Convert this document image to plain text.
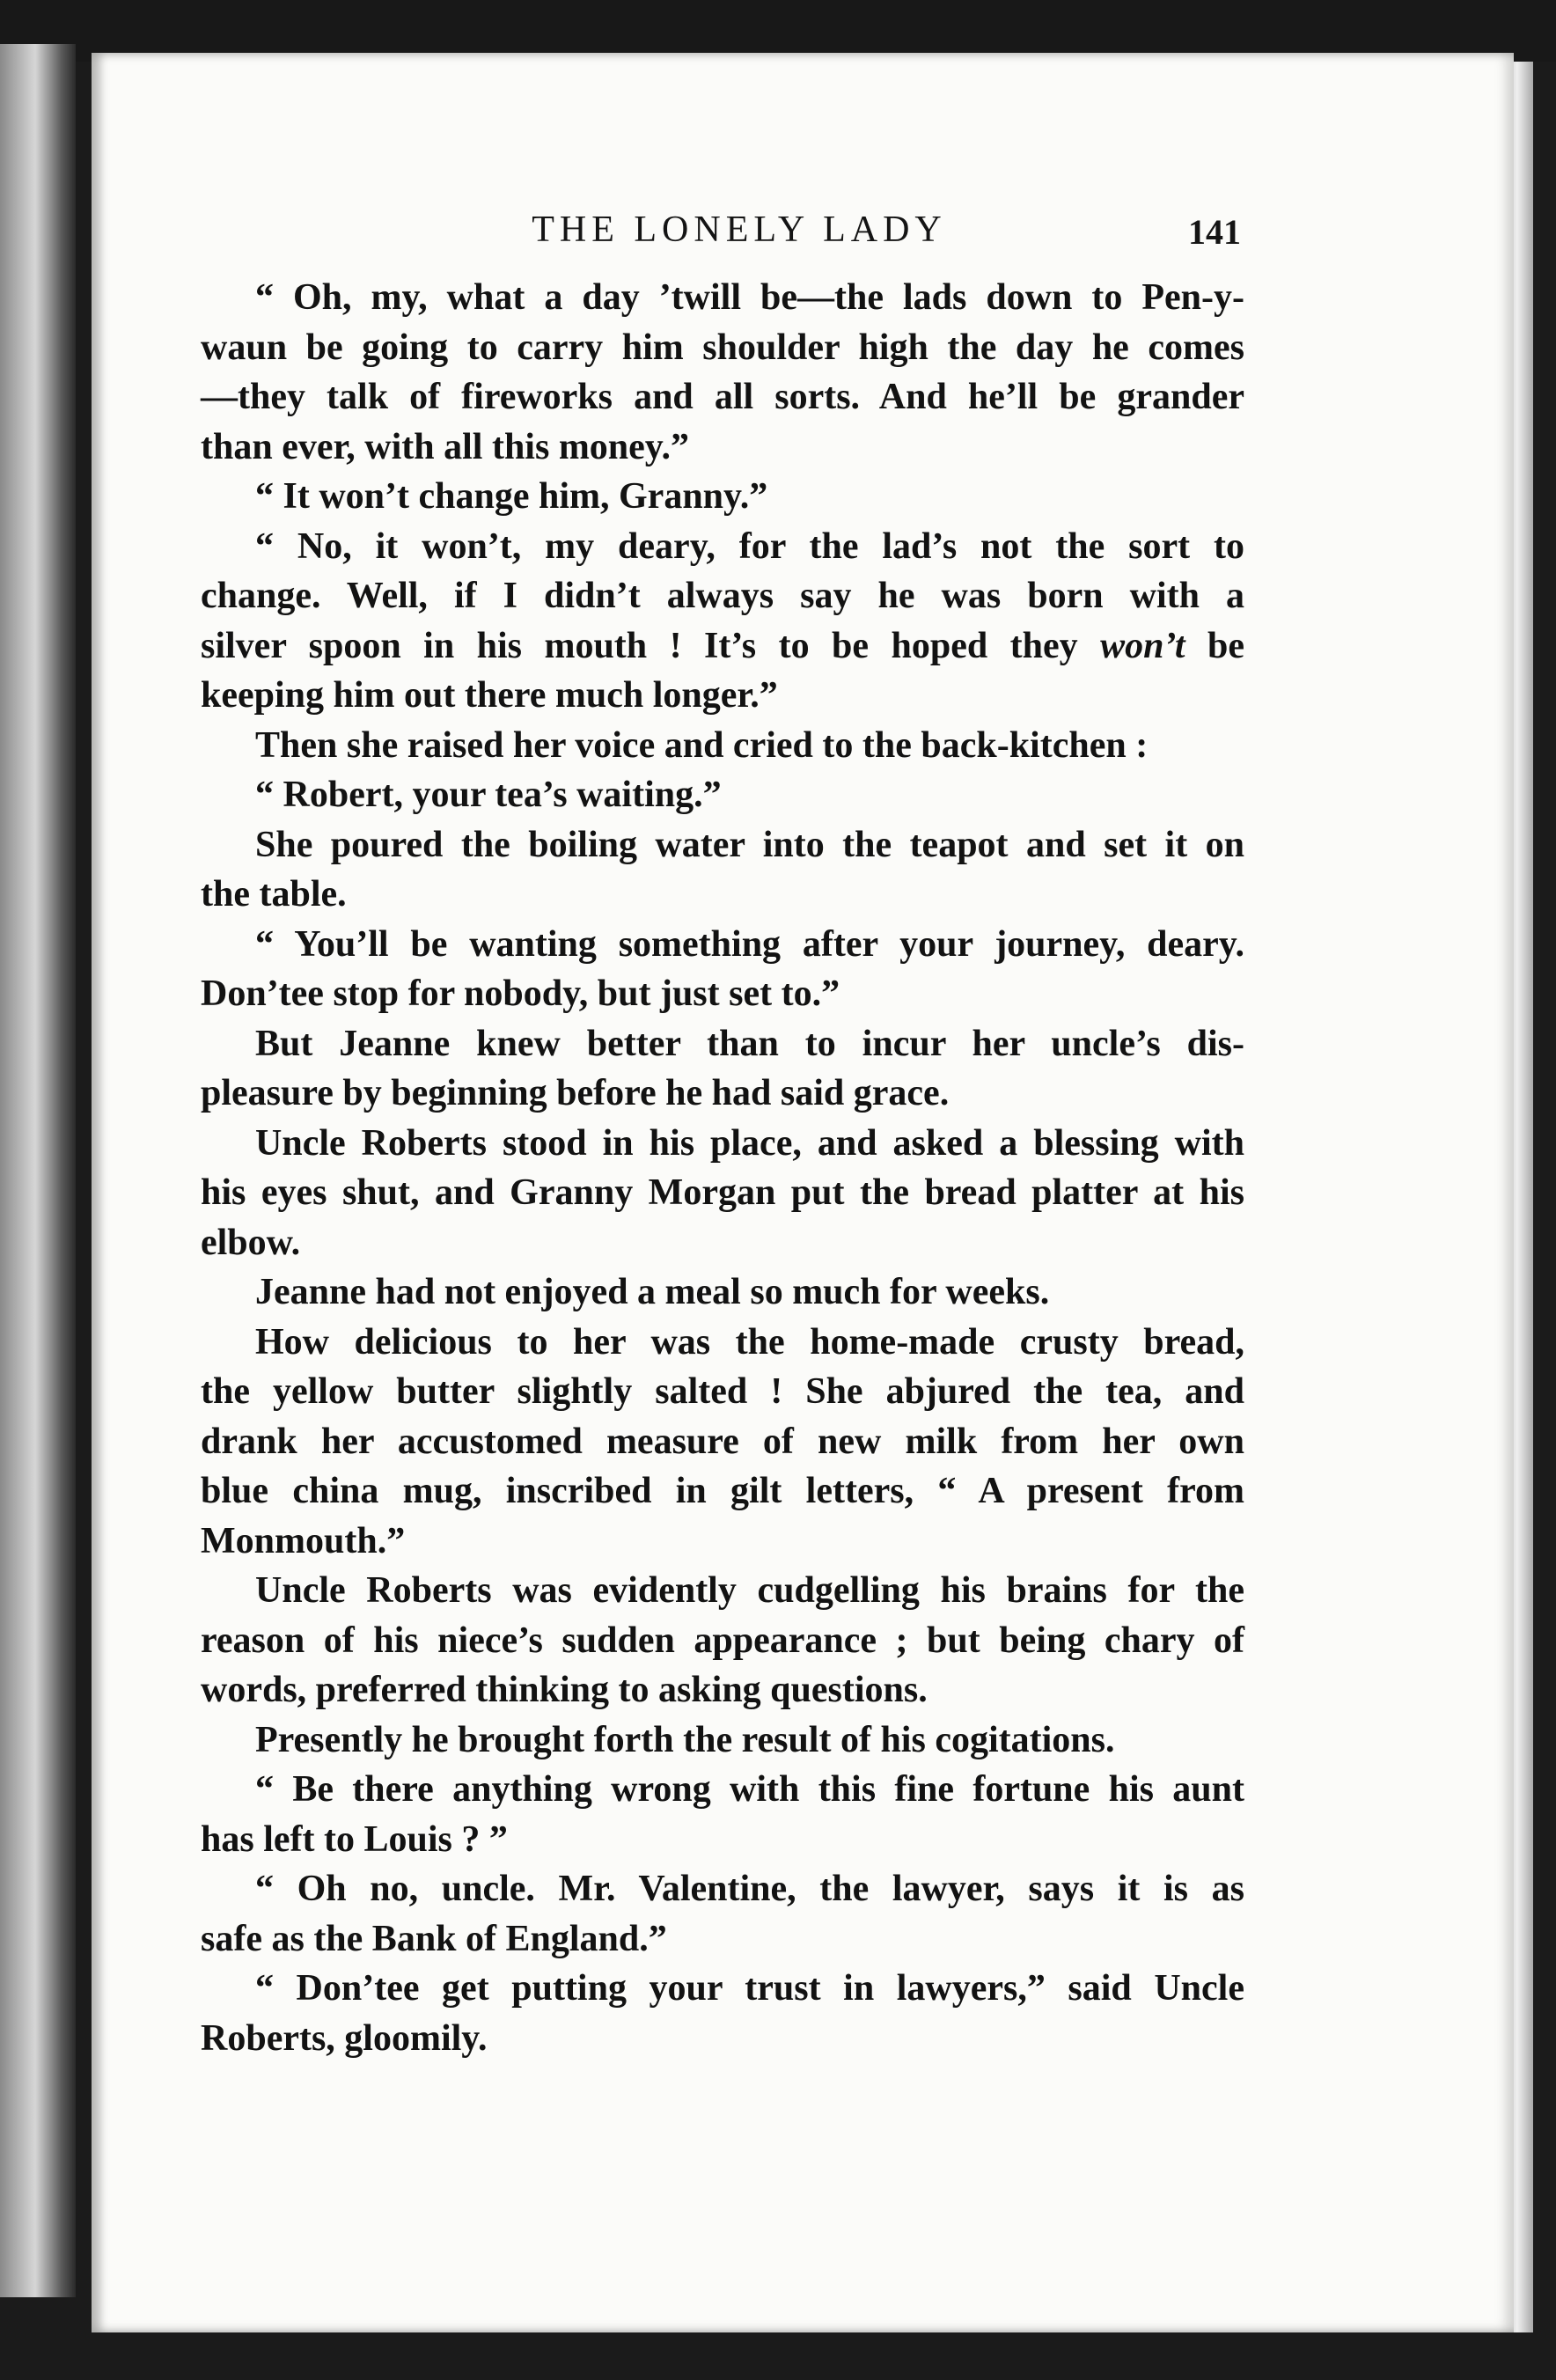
THE LONELY LADY	141
“ Oh, my, what a day ’twill be—the lads down to Pen-y-
waun be going to carry him shoulder high the day he comes
—they talk of fireworks and all sorts. And he’ll be grander
than ever, with all this money.”
“ It won’t change him, Granny.”
“ No, it won’t, my deary, for the lad’s not the sort to
change. Well, if I didn’t always say he was born with a
silver spoon in his mouth ! It’s to be hoped they won’t be
keeping him out there much longer.”
Then she raised her voice and cried to the back-kitchen :
“ Robert, your tea’s waiting.”
She poured the boiling water into the teapot and set it on
the table.
“ You’ll be wanting something after your journey, deary.
Don’tee stop for nobody, but just set to.”
But Jeanne knew better than to incur her uncle’s dis-
pleasure by beginning before he had said grace.
Uncle Roberts stood in his place, and asked a blessing with
his eyes shut, and Granny Morgan put the bread platter at his
elbow.
Jeanne had not enjoyed a meal so much for weeks.
How delicious to her was the home-made crusty bread,
the yellow butter slightly salted ! She abjured the tea, and
drank her accustomed measure of new milk from her own
blue china mug, inscribed in gilt letters, “ A present from
Monmouth.”
Uncle Roberts was evidently cudgelling his brains for the
reason of his niece’s sudden appearance ; but being chary of
words, preferred thinking to asking questions.
Presently he brought forth the result of his cogitations.
“ Be there anything wrong with this fine fortune his aunt
has left to Louis ? ”
“ Oh no, uncle. Mr. Valentine, the lawyer, says it is as
safe as the Bank of England.”
“ Don’tee get putting your trust in lawyers,” said Uncle
Roberts, gloomily.
